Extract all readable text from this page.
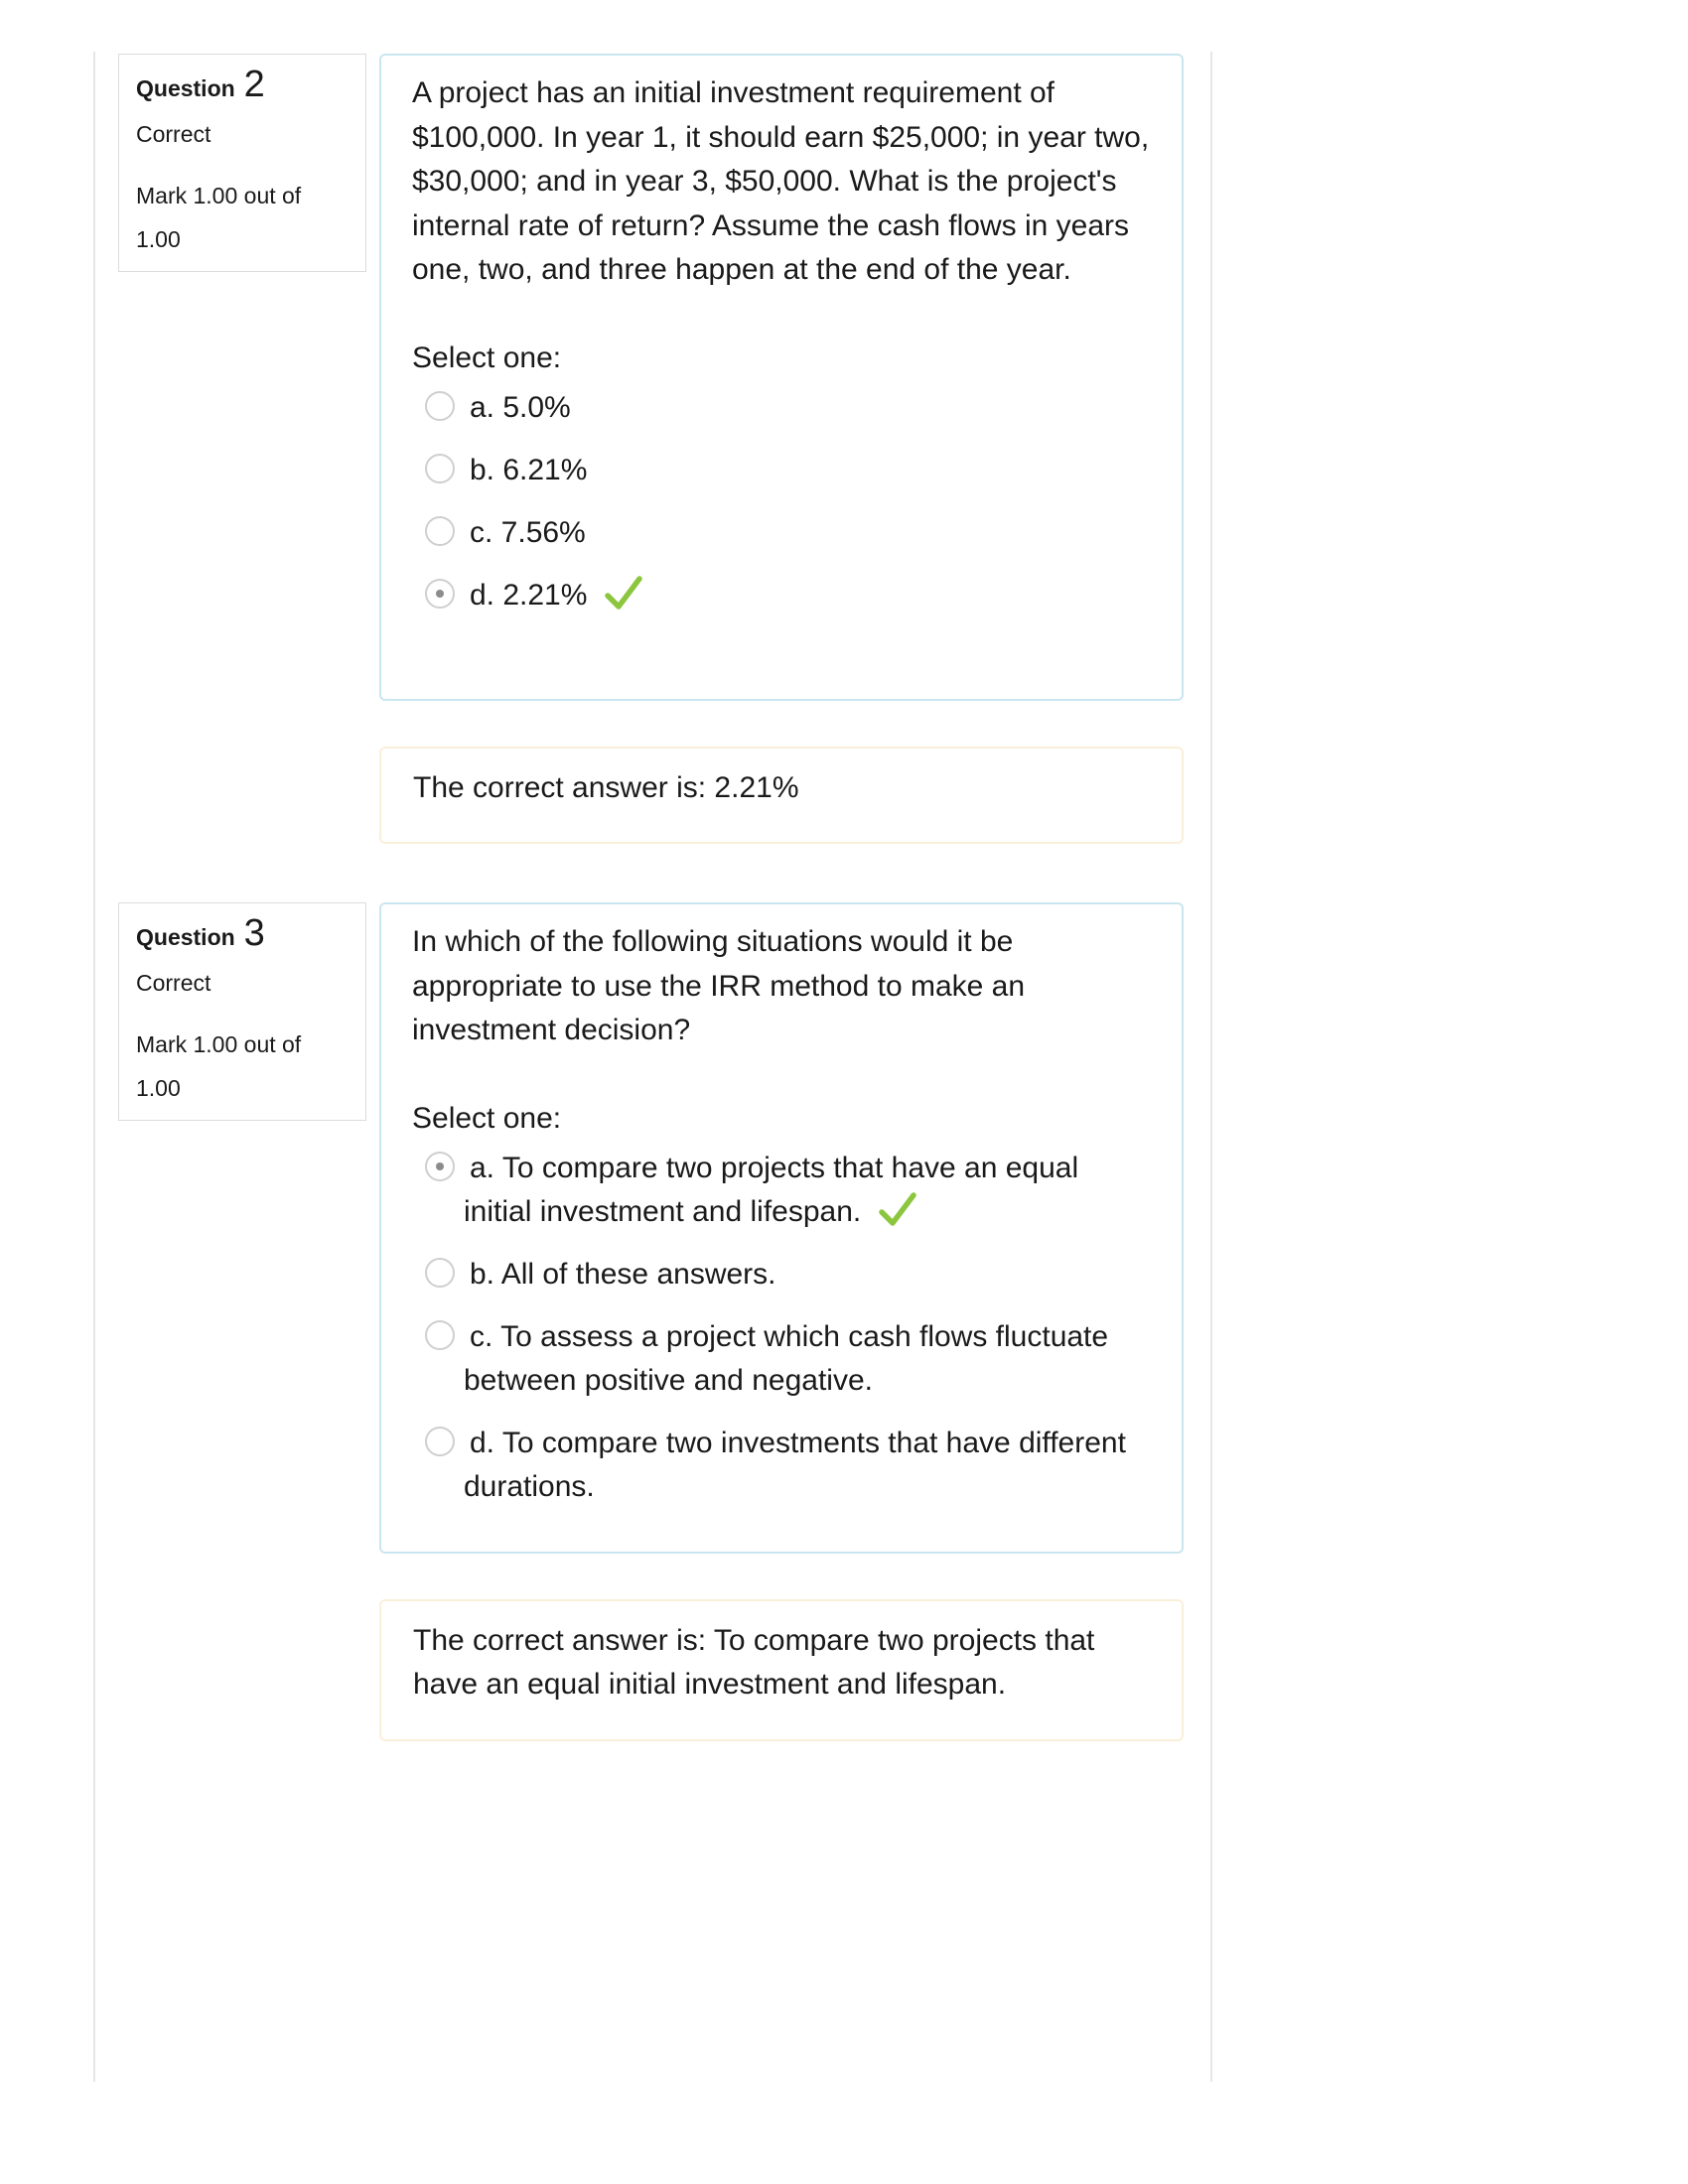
Question 2
Correct
Mark 1.00 out of 1.00

A project has an initial investment requirement of $100,000. In year 1, it should earn $25,000; in year two, $30,000; and in year 3, $50,000. What is the project's internal rate of return? Assume the cash flows in years one, two, and three happen at the end of the year.

Select one:
a. 5.0%
b. 6.21%
c. 7.56%
d. 2.21%

The correct answer is: 2.21%

Question 3
Correct
Mark 1.00 out of 1.00

In which of the following situations would it be appropriate to use the IRR method to make an investment decision?

Select one:
a. To compare two projects that have an equal initial investment and lifespan.
b. All of these answers.
c. To assess a project which cash flows fluctuate between positive and negative.
d. To compare two investments that have different durations.

The correct answer is: To compare two projects that have an equal initial investment and lifespan.
